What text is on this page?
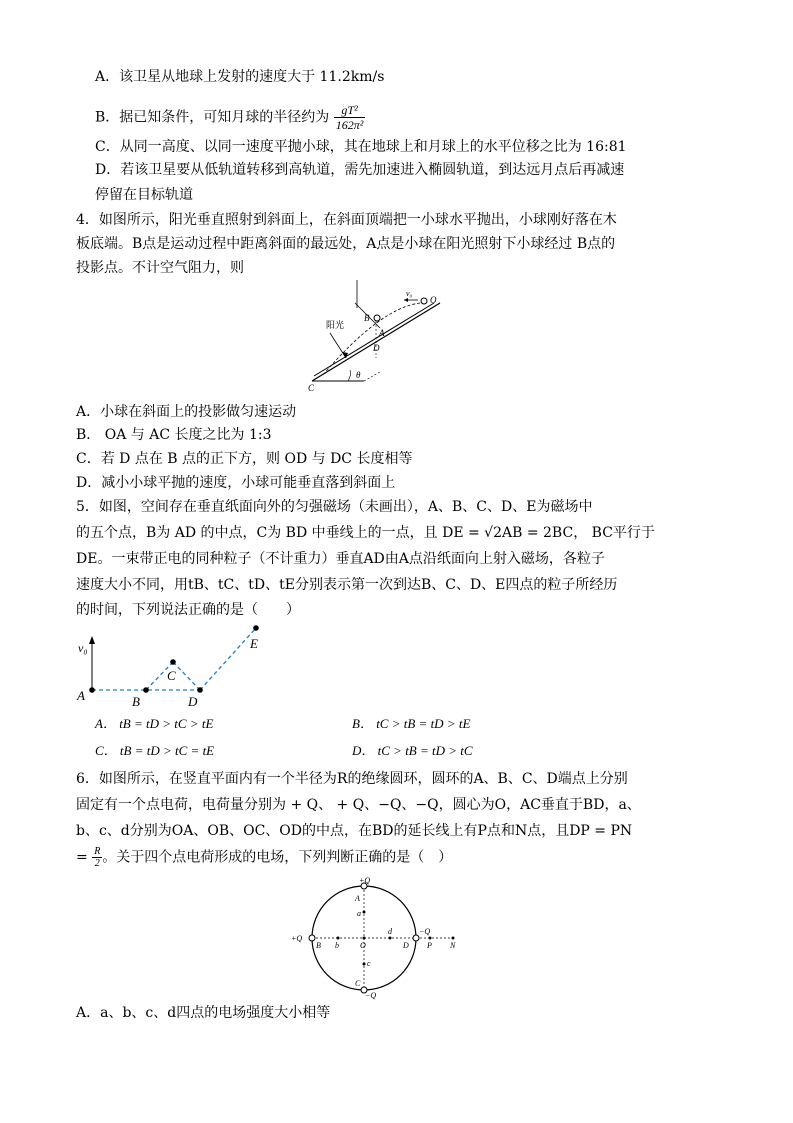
A．该卫星从地球上发射的速度大于 11.2km/s
B．据已知条件，可知月球的半径约为 $\frac{\text{gT²}}{\text{162π²}}$
C．从同一高度、以同一速度平抛小球，其在地球上和月球上的水平位移之比为 16:81
D．若该卫星要从低轨道转移到高轨道，需先加速进入椭圆轨道，到达远月点后再减速
停留在目标轨道
4．如图所示，阳光垂直照射到斜面上，在斜面顶端把一小球水平抛出，小球刚好落在木
板底端。B点是运动过程中距离斜面的最远处，A点是小球在阳光照射下小球经过 B点的
投影点。不计空气阻力，则
阳光
v₀
O
B
A
D
C
θ
A．小球在斜面上的投影做匀速运动
B． OA 与 AC 长度之比为 1:3
C．若 D 点在 B 点的正下方，则 OD 与 DC 长度相等
D．减小小球平抛的速度，小球可能垂直落到斜面上
5．如图，空间存在垂直纸面向外的匀强磁场（未画出），A、B、C、D、E为磁场中
的五个点，B为 AD 的中点，C为 BD 中垂线上的一点，且 DE = √2AB = 2BC， BC平行于
DE。一束带正电的同种粒子（不计重力）垂直AD由A点沿纸面向上射入磁场，各粒子
速度大小不同，用tB、tC、tD、tE分别表示第一次到达B、C、D、E四点的粒子所经历
的时间，下列说法正确的是（　　）
v₀
A	B
C
D
E
A． tB = tD > tC > tE	B． tC > tB = tD > tE
C． tB = tD > tC = tE	D． tC > tB = tD > tC
6．如图所示，在竖直平面内有一个半径为R的绝缘圆环，圆环的A、B、C、D端点上分别
固定有一个点电荷，电荷量分别为 + Q、 + Q、−Q、−Q，圆心为O，AC垂直于BD，a、
b、c、d分别为OA、OB、OC、OD的中点，在BD的延长线上有P点和N点，且DP = PN
= $\frac{R}{2}$ 。关于四个点电荷形成的电场，下列判断正确的是（　）
+Q
A
a
+Q
B b	O
d
D
−Q
P N
c
C
−Q
A．a、b、c、d四点的电场强度大小相等
